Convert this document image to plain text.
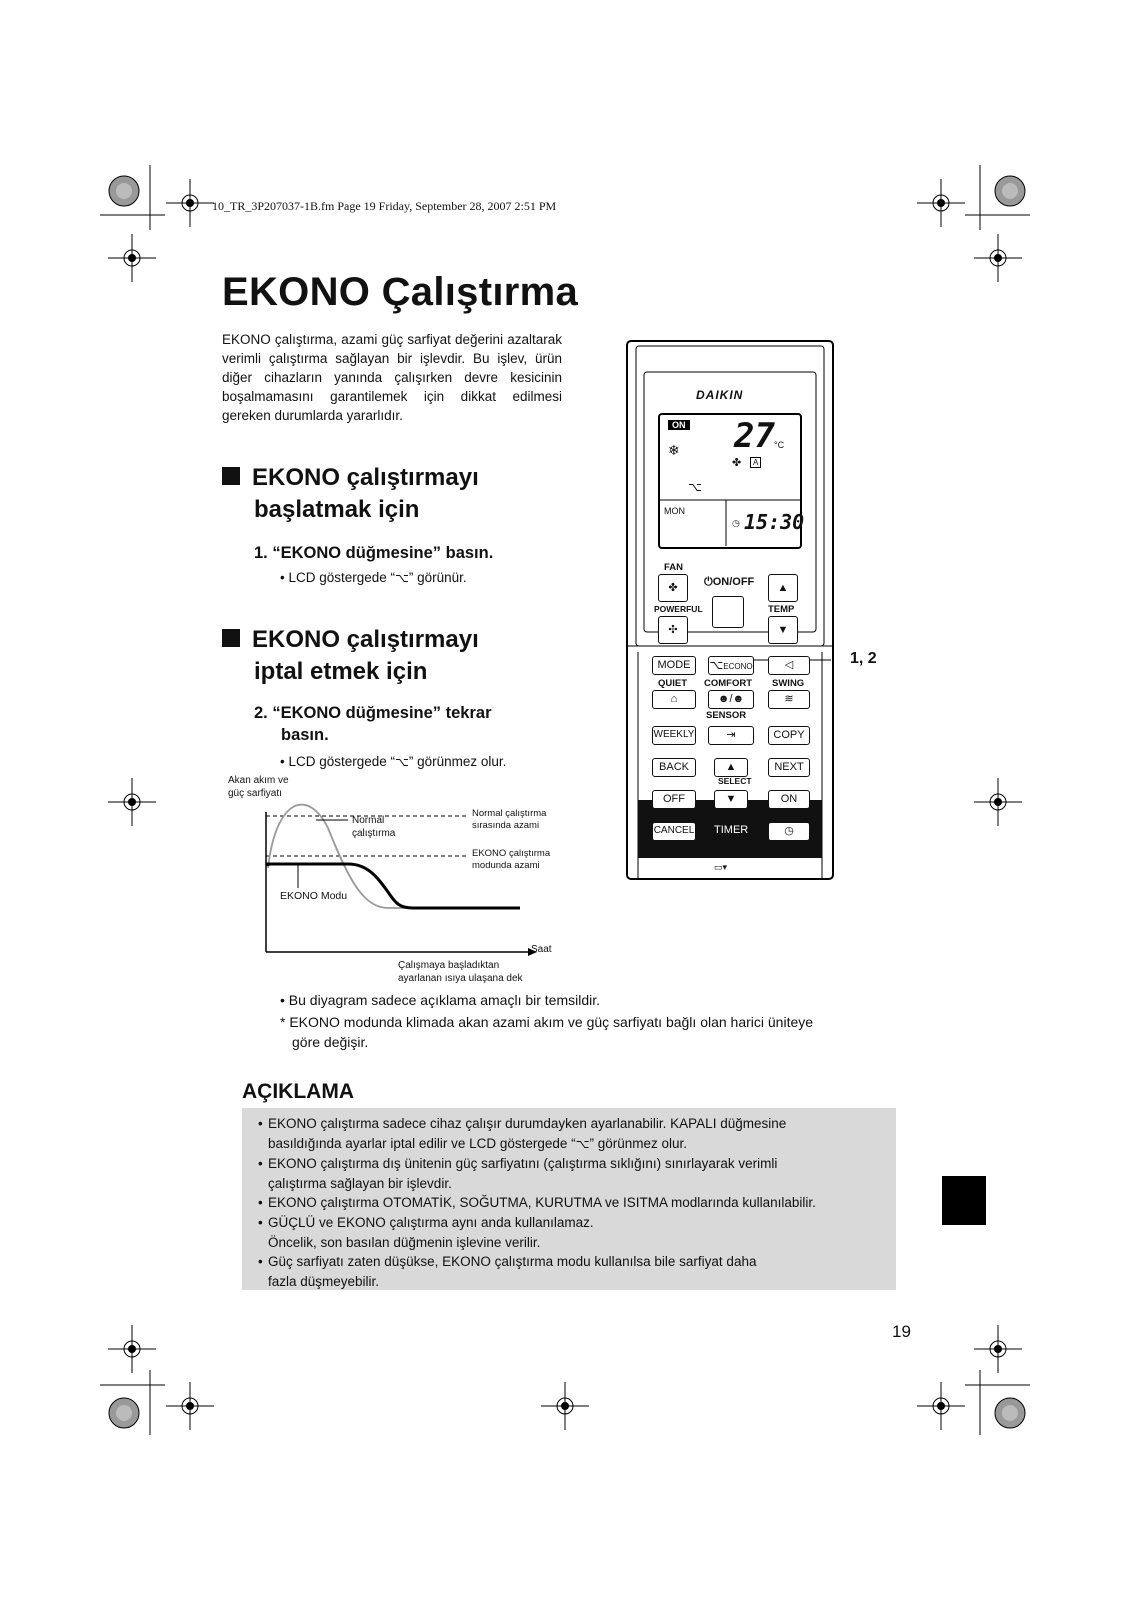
10_TR_3P207037-1B.fm Page 19 Friday, September 28, 2007 2:51 PM
EKONO Çalıştırma
EKONO çalıştırma, azami güç sarfiyat değerini azaltarak verimli çalıştırma sağlayan bir işlevdir. Bu işlev, ürün diğer cihazların yanında çalışırken devre kesicinin boşalmamasını garantilemek için dikkat edilmesi gereken durumlarda yararlıdır.
EKONO çalıştırmayı
başlatmak için
1. “EKONO düğmesine” basın.
• LCD göstergede “⌥” görünür.
EKONO çalıştırmayı
iptal etmek için
2. “EKONO düğmesine” tekrar
basın.
• LCD göstergede “⌥” görünmez olur.
Akan akım ve
güç sarfiyatı
Normal
çalıştırma
Normal çalıştırma
sırasında azami
EKONO çalıştırma
modunda azami
EKONO Modu
Saat
Çalışmaya başladıktan
ayarlanan ısıya ulaşana dek
DAIKIN
ON
❄ 27 °C
✤	A
⌥
MON
◷ 15:30
FAN
✤	⏻ON/OFF	▲
POWERFUL	TEMP
✣	▼
MODE	⌥ECONO	◁
QUIET COMFORT SWING
⌂	☻/☻	≋
SENSOR
WEEKLY	⇥	COPY
BACK	▲	NEXT
SELECT
OFF	▼	ON
CANCEL TIMER	◷
▭▾
1, 2
• Bu diyagram sadece açıklama amaçlı bir temsildir.
* EKONO modunda klimada akan azami akım ve güç sarfiyatı bağlı olan harici üniteye
göre değişir.
AÇIKLAMA
• EKONO çalıştırma sadece cihaz çalışır durumdayken ayarlanabilir. KAPALI düğmesine
basıldığında ayarlar iptal edilir ve LCD göstergede “⌥” görünmez olur.
• EKONO çalıştırma dış ünitenin güç sarfiyatını (çalıştırma sıklığını) sınırlayarak verimli
çalıştırma sağlayan bir işlevdir.
• EKONO çalıştırma OTOMATİK, SOĞUTMA, KURUTMA ve ISITMA modlarında kullanılabilir.
• GÜÇLÜ ve EKONO çalıştırma aynı anda kullanılamaz.
Öncelik, son basılan düğmenin işlevine verilir.
• Güç sarfiyatı zaten düşükse, EKONO çalıştırma modu kullanılsa bile sarfiyat daha
fazla düşmeyebilir.
19
